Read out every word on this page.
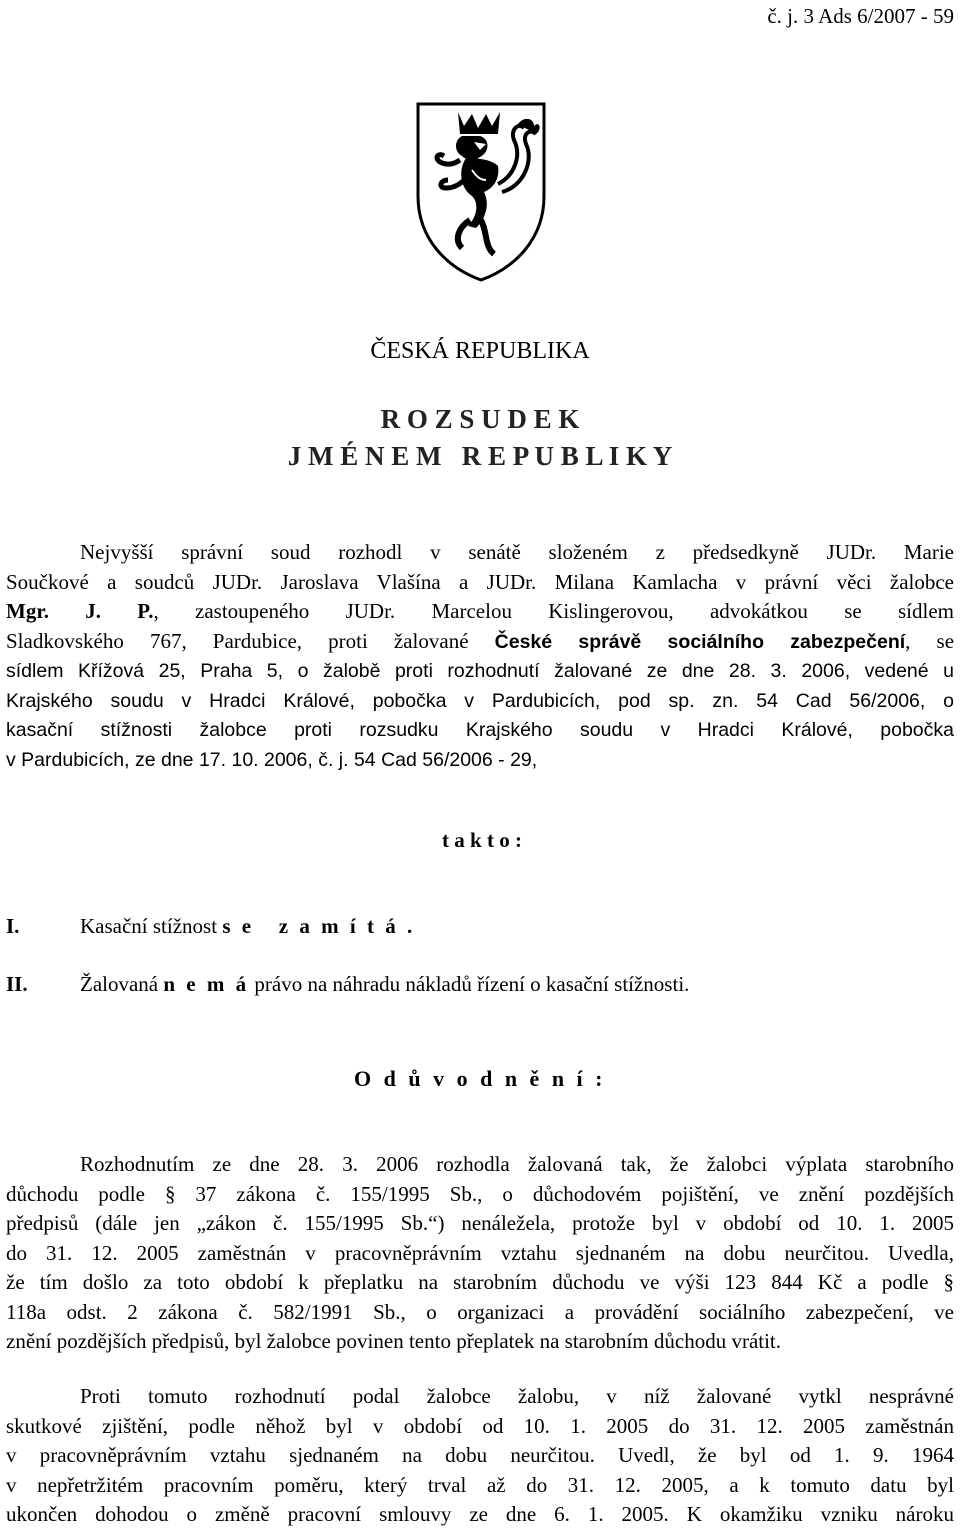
č. j. 3 Ads 6/2007 - 59
ČESKÁ REPUBLIKA
R O Z S U D E K
J M É N E M   R E P U B L I K Y
Nejvyšší správní soud rozhodl v senátě složeném z předsedkyně JUDr. Marie
Součkové a soudců JUDr. Jaroslava Vlašína a JUDr. Milana Kamlacha v právní věci žalobce
Mgr. J. P., zastoupeného JUDr. Marcelou Kislingerovou, advokátkou se sídlem
Sladkovského 767, Pardubice, proti žalované České správě sociálního zabezpečení, se
sídlem Křížová 25, Praha 5, o žalobě proti rozhodnutí žalované ze dne 28. 3. 2006, vedené u
Krajského soudu v Hradci Králové, pobočka v Pardubicích, pod sp. zn. 54 Cad 56/2006, o
kasační stížnosti žalobce proti rozsudku Krajského soudu v Hradci Králové, pobočka
v Pardubicích, ze dne 17. 10. 2006, č. j. 54 Cad 56/2006 - 29,
t a k t o :
I.	Kasační stížnost s e   z a m í t á .
II. Žalovaná n e m á právo na náhradu nákladů řízení o kasační stížnosti.
O d ů v o d n ě n í :
Rozhodnutím ze dne 28. 3. 2006 rozhodla žalovaná tak, že žalobci výplata starobního
důchodu podle § 37 zákona č. 155/1995 Sb., o důchodovém pojištění, ve znění pozdějších
předpisů (dále jen „zákon č. 155/1995 Sb.“) nenáležela, protože byl v období od 10. 1. 2005
do 31. 12. 2005 zaměstnán v pracovněprávním vztahu sjednaném na dobu neurčitou. Uvedla,
že tím došlo za toto období k přeplatku na starobním důchodu ve výši 123 844 Kč a podle §
118a odst. 2 zákona č. 582/1991 Sb., o organizaci a provádění sociálního zabezpečení, ve
znění pozdějších předpisů, byl žalobce povinen tento přeplatek na starobním důchodu vrátit.
Proti tomuto rozhodnutí podal žalobce žalobu, v níž žalované vytkl nesprávné
skutkové zjištění, podle něhož byl v období od 10. 1. 2005 do 31. 12. 2005 zaměstnán
v pracovněprávním vztahu sjednaném na dobu neurčitou. Uvedl, že byl od 1. 9. 1964
v nepřetržitém pracovním poměru, který trval až do 31. 12. 2005, a k tomuto datu byl
ukončen dohodou o změně pracovní smlouvy ze dne 6. 1. 2005. K okamžiku vzniku nároku
